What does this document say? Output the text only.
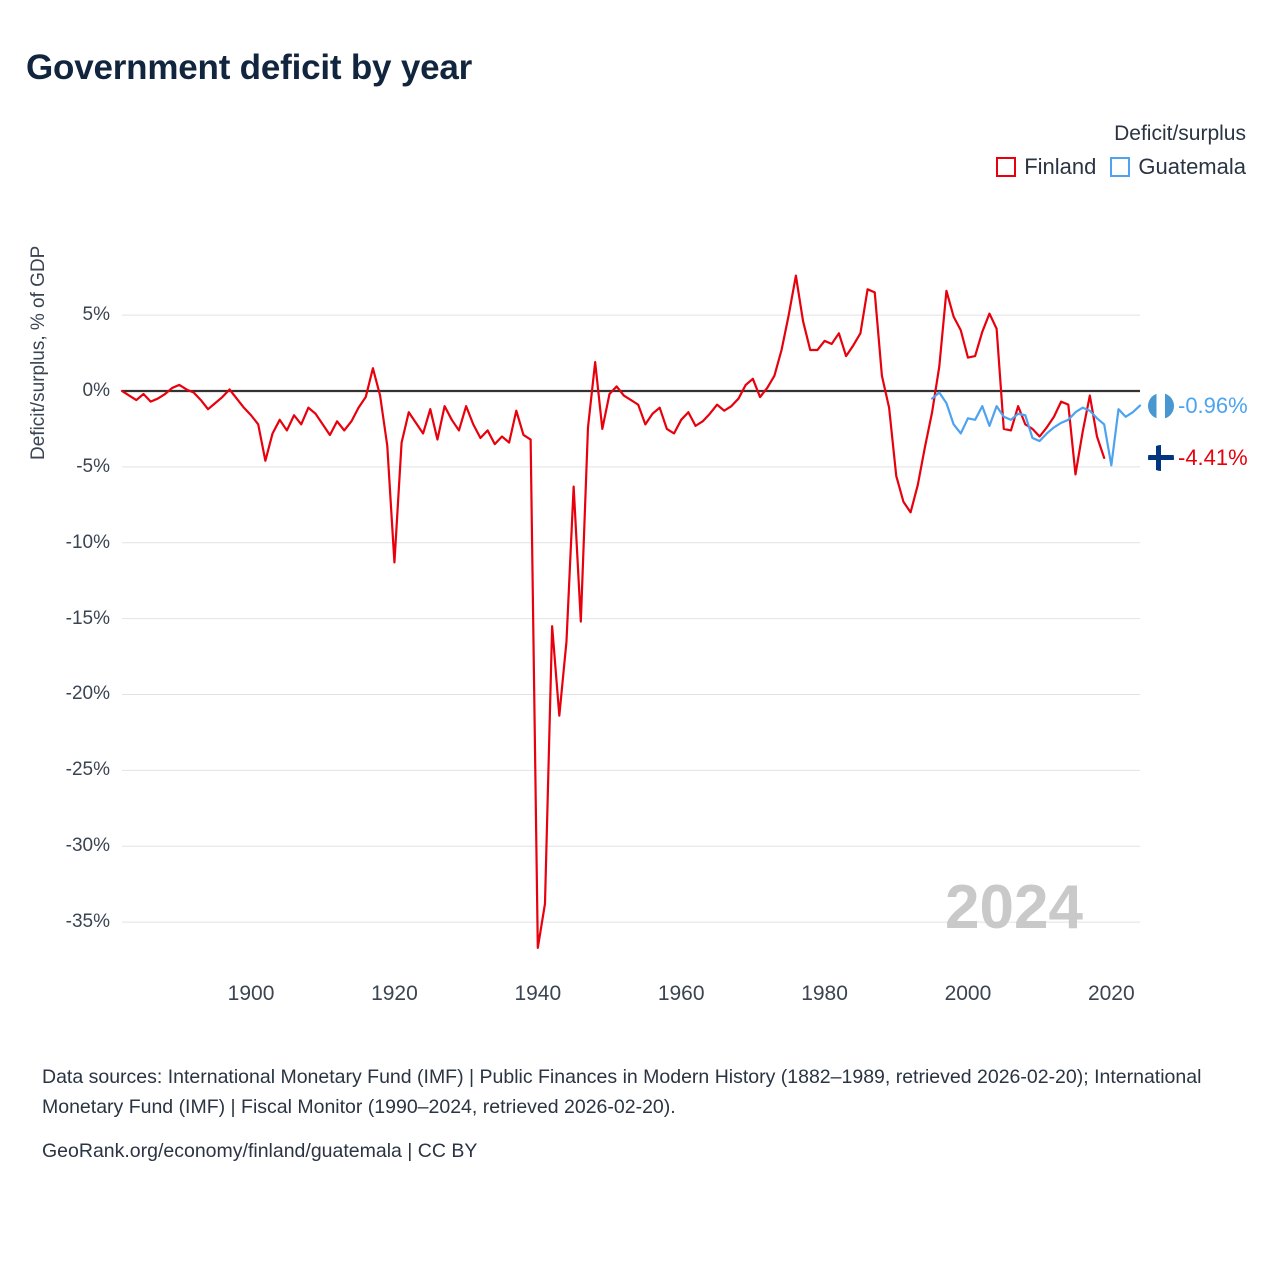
Government deficit by year
Deficit/surplus
Finland Guatemala
Deficit/surplus, % of GDP	5%
0%
-5%
-10%
-15%
-20%
-25%
-30%
-35%
1900	1920	1940	1960	1980	2000	2020
2024
-0.96%
-4.41%
Data sources: International Monetary Fund (IMF) | Public Finances in Modern History (1882–1989, retrieved 2026-02-20); International Monetary Fund (IMF) | Fiscal Monitor (1990–2024, retrieved 2026-02-20).
GeoRank.org/economy/finland/guatemala | CC BY
